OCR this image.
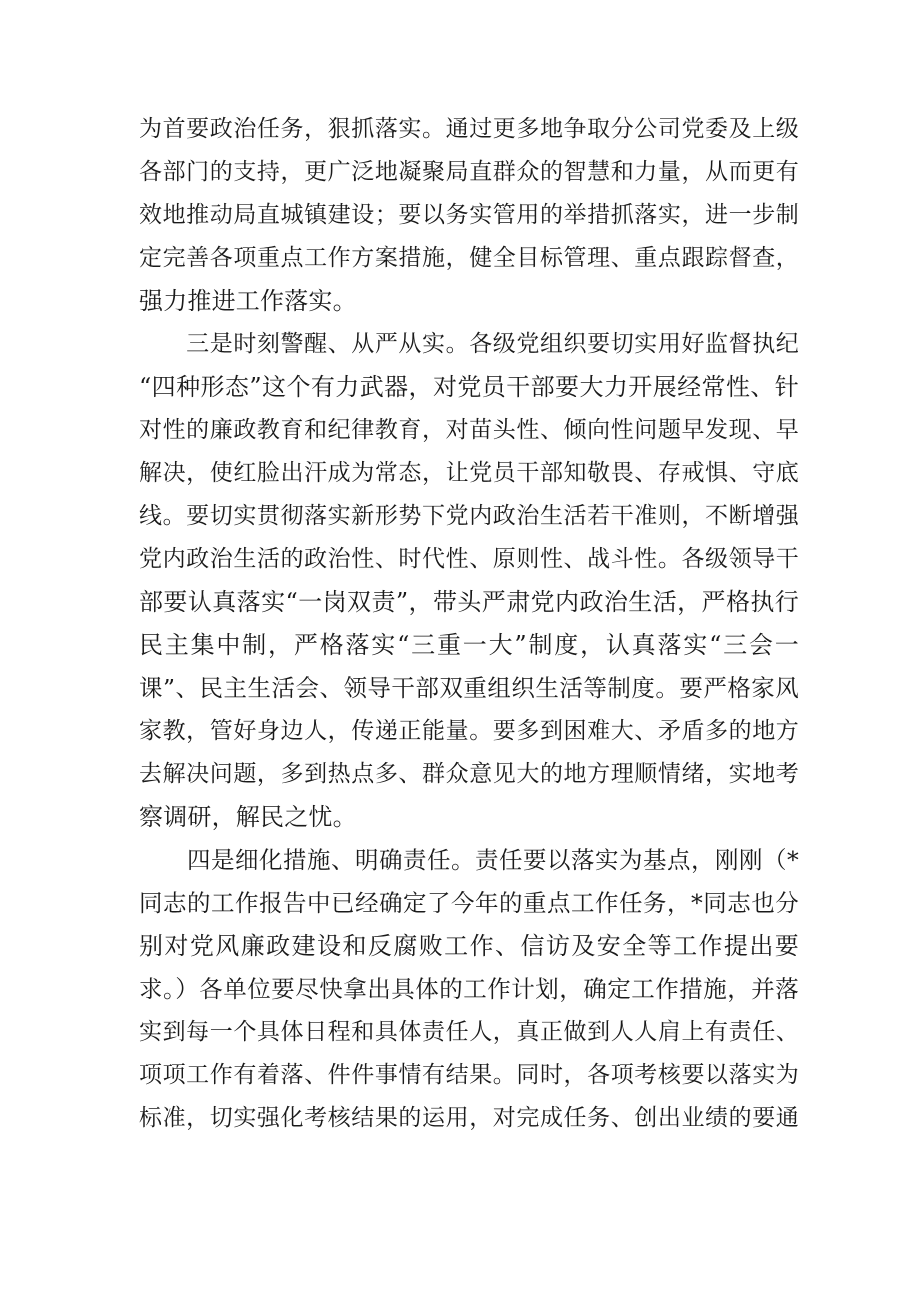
为首要政治任务，狠抓落实。通过更多地争取分公司党委及上级
各部门的支持，更广泛地凝聚局直群众的智慧和力量，从而更有
效地推动局直城镇建设；要以务实管用的举措抓落实，进一步制
定完善各项重点工作方案措施，健全目标管理、重点跟踪督查，
强力推进工作落实。
　　三是时刻警醒、从严从实。各级党组织要切实用好监督执纪
“四种形态”这个有力武器，对党员干部要大力开展经常性、针
对性的廉政教育和纪律教育，对苗头性、倾向性问题早发现、早
解决，使红脸出汗成为常态，让党员干部知敬畏、存戒惧、守底
线。要切实贯彻落实新形势下党内政治生活若干准则，不断增强
党内政治生活的政治性、时代性、原则性、战斗性。各级领导干
部要认真落实“一岗双责”，带头严肃党内政治生活，严格执行
民主集中制，严格落实“三重一大”制度，认真落实“三会一
课”、民主生活会、领导干部双重组织生活等制度。要严格家风
家教，管好身边人，传递正能量。要多到困难大、矛盾多的地方
去解决问题，多到热点多、群众意见大的地方理顺情绪，实地考
察调研，解民之忧。
　　四是细化措施、明确责任。责任要以落实为基点，刚刚（*
同志的工作报告中已经确定了今年的重点工作任务，*同志也分
别对党风廉政建设和反腐败工作、信访及安全等工作提出要
求。）各单位要尽快拿出具体的工作计划，确定工作措施，并落
实到每一个具体日程和具体责任人，真正做到人人肩上有责任、
项项工作有着落、件件事情有结果。同时，各项考核要以落实为
标准，切实强化考核结果的运用，对完成任务、创出业绩的要通
